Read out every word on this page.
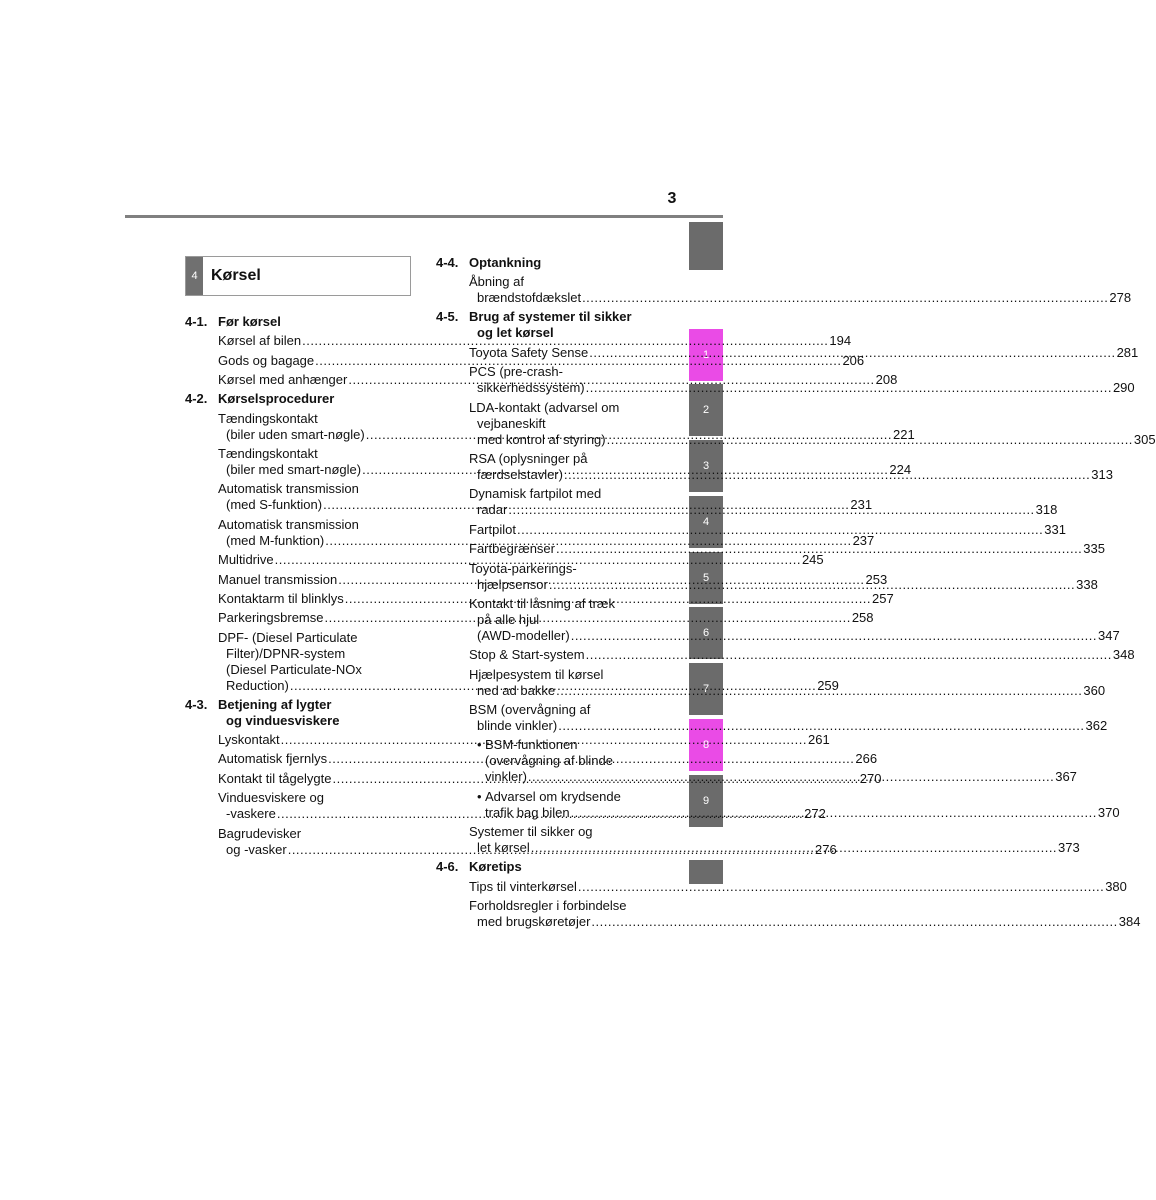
3
1
2
3
4
5
6
7
8
9
4 Kørsel
4-1. Før kørsel
Kørsel af bilen .....	194
Gods og bagage .....	206
Kørsel med anhænger .....	208
4-2. Kørselsprocedurer
Tændingskontakt
(biler uden smart-nøgle) .....	221
Tændingskontakt
(biler med smart-nøgle) .....	224
Automatisk transmission
(med S-funktion) .....	231
Automatisk transmission
(med M-funktion) .....	237
Multidrive .....	245
Manuel transmission .....	253
Kontaktarm til blinklys .....	257
Parkeringsbremse .....	258
DPF- (Diesel Particulate
Filter)/DPNR-system
(Diesel Particulate-NOx
Reduction) .....	259
4-3. Betjening af lygter
og vinduesviskere
Lyskontakt .....	261
Automatisk fjernlys .....	266
Kontakt til tågelygte .....	270
Vinduesviskere og
-vaskere .....	272
Bagrudevisker
og -vasker .....	276
4-4. Optankning
Åbning af
brændstofdækslet .....	278
4-5. Brug af systemer til sikker
og let kørsel
Toyota Safety Sense .....	281
PCS (pre-crash-
sikkerhedssystem) .....	290
LDA-kontakt (advarsel om
vejbaneskift
med kontrol af styring) .....	305
RSA (oplysninger på
færdselstavler) .....	313
Dynamisk fartpilot med
radar .....	318
Fartpilot .....	331
Fartbegrænser .....	335
Toyota-parkerings-
hjælpsensor .....	338
Kontakt til låsning af træk
på alle hjul
(AWD-modeller) .....	347
Stop & Start-system .....	348
Hjælpesystem til kørsel
ned ad bakke .....	360
BSM (overvågning af
blinde vinkler) .....	362
• BSM-funktionen
(overvågning af blinde
vinkler) .....	367
• Advarsel om krydsende
trafik bag bilen .....	370
Systemer til sikker og
let kørsel .....	373
4-6. Køretips
Tips til vinterkørsel .....	380
Forholdsregler i forbindelse
med brugskøretøjer .....	384
